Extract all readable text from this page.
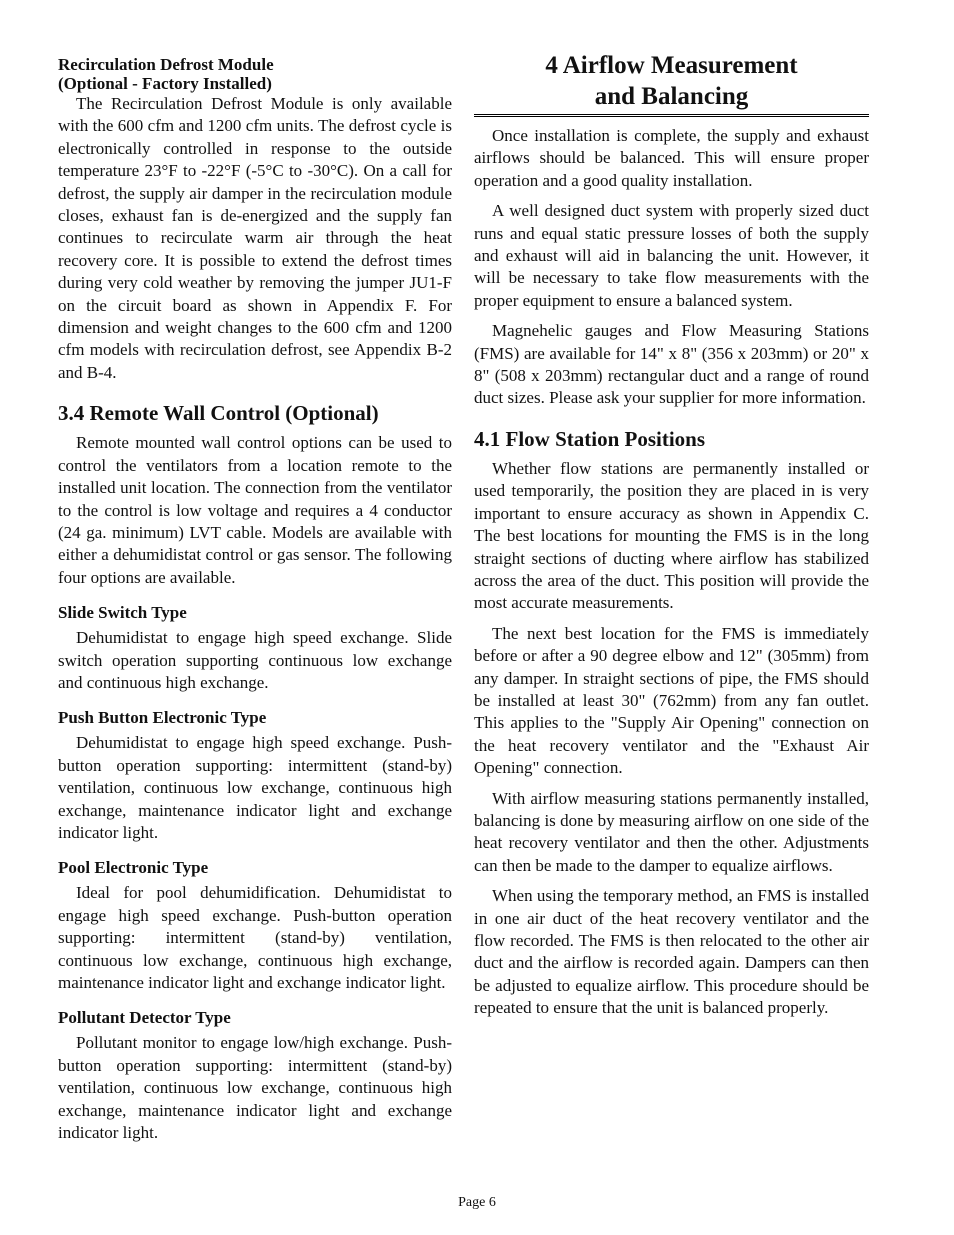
Recirculation Defrost Module
(Optional - Factory Installed)

The Recirculation Defrost Module is only available with the 600 cfm and 1200 cfm units. The defrost cycle is electronically controlled in response to the outside temperature 23°F to -22°F (-5°C to -30°C). On a call for defrost, the supply air damper in the recirculation module closes, exhaust fan is de-energized and the supply fan continues to recirculate warm air through the heat recovery core. It is possible to extend the defrost times during very cold weather by removing the jumper JU1-F on the circuit board as shown in Appendix F. For dimension and weight changes to the 600 cfm and 1200 cfm models with recirculation defrost, see Appendix B-2 and B-4.

3.4 Remote Wall Control (Optional)

Remote mounted wall control options can be used to control the ventilators from a location remote to the installed unit location. The connection from the ventilator to the control is low voltage and requires a 4 conductor (24 ga. minimum) LVT cable. Models are available with either a dehumidistat control or gas sensor. The following four options are available.

Slide Switch Type

Dehumidistat to engage high speed exchange. Slide switch operation supporting continuous low exchange and continuous high exchange.

Push Button Electronic Type

Dehumidistat to engage high speed exchange. Push-button operation supporting: intermittent (stand-by) ventilation, continuous low exchange, continuous high exchange, maintenance indicator light and exchange indicator light.

Pool Electronic Type

Ideal for pool dehumidification. Dehumidistat to engage high speed exchange. Push-button operation supporting: intermittent (stand-by) ventilation, continuous low exchange, continuous high exchange, maintenance indicator light and exchange indicator light.

Pollutant Detector Type

Pollutant monitor to engage low/high exchange. Push-button operation supporting: intermittent (stand-by) ventilation, continuous low exchange, continuous high exchange, maintenance indicator light and exchange indicator light.

4 Airflow Measurement
and Balancing

Once installation is complete, the supply and exhaust airflows should be balanced. This will ensure proper operation and a good quality installation.

A well designed duct system with properly sized duct runs and equal static pressure losses of both the supply and exhaust will aid in balancing the unit. However, it will be necessary to take flow measurements with the proper equipment to ensure a balanced system.

Magnehelic gauges and Flow Measuring Stations (FMS) are available for 14" x 8" (356 x 203mm) or 20" x 8" (508 x 203mm) rectangular duct and a range of round duct sizes. Please ask your supplier for more information.

4.1 Flow Station Positions

Whether flow stations are permanently installed or used temporarily, the position they are placed in is very important to ensure accuracy as shown in Appendix C. The best locations for mounting the FMS is in the long straight sections of ducting where airflow has stabilized across the area of the duct. This position will provide the most accurate measurements.

The next best location for the FMS is immediately before or after a 90 degree elbow and 12" (305mm) from any damper. In straight sections of pipe, the FMS should be installed at least 30" (762mm) from any fan outlet. This applies to the "Supply Air Opening" connection on the heat recovery ventilator and the "Exhaust Air Opening" connection.

With airflow measuring stations permanently installed, balancing is done by measuring airflow on one side of the heat recovery ventilator and then the other. Adjustments can then be made to the damper to equalize airflows.

When using the temporary method, an FMS is installed in one air duct of the heat recovery ventilator and the flow recorded. The FMS is then relocated to the other air duct and the airflow is recorded again. Dampers can then be adjusted to equalize airflow. This procedure should be repeated to ensure that the unit is balanced properly.

Page 6
